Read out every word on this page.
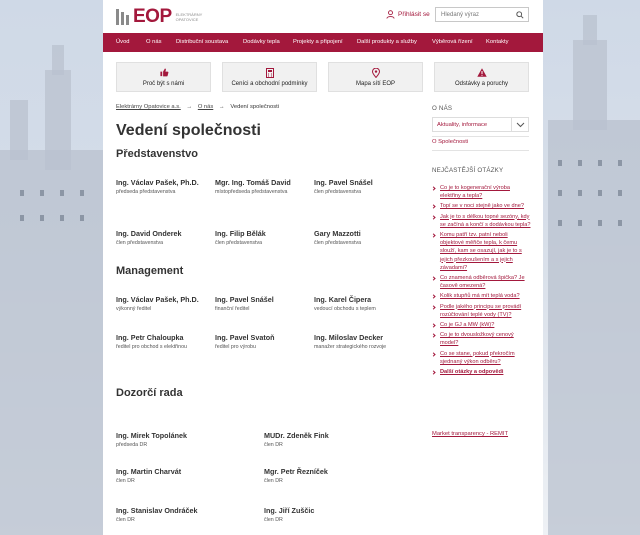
EOP ELEKTRÁRNY OPATOVICE
Přihlásit se	Hledaný výraz
Úvod	O nás	Distribuční soustava	Dodávky tepla Projekty a připojení Další produkty a služby	Výběrová řízení Kontakty
Proč být s námi	Ceníci a obchodní podmínky	Mapa sítí EOP	Odstávky a poruchy
Elektrárny Opatovice a.s. → O nás → Vedení společnosti
Vedení společnosti
Představenstvo
Management
Dozorčí rada
Ing. Václav Pašek, Ph.D.
předseda představenstva
Mgr. Ing. Tomáš David
místopředseda představenstva
Ing. Pavel Snášel
člen představenstva
Ing. David Onderek
člen představenstva
Ing. Filip Bělák
člen představenstva
Gary Mazzotti
člen představenstva
Ing. Václav Pašek, Ph.D.
výkonný ředitel
Ing. Pavel Snášel
finanční ředitel
Ing. Karel Čipera
vedoucí obchodu s teplem
Ing. Petr Chaloupka
ředitel pro obchod s elektřinou
Ing. Pavel Svatoň
ředitel pro výrobu
Ing. Miloslav Decker
manažer strategického rozvoje
Ing. Mirek Topolánek
předseda DR
MUDr. Zdeněk Fink
člen DR
Ing. Martin Charvát
člen DR
Mgr. Petr Řezníček
člen DR
Ing. Stanislav Ondráček
člen DR
Ing. Jiří Zuščic
člen DR
O NÁS
Aktuality, informace
O Společnosti
NEJČASTĚJŠÍ OTÁZKY
Co je to kogenerační výroba elektřiny a tepla?
Topí se v noci stejně jako ve dne?
Jak je to s délkou topné sezóny, kdy se začíná a končí s dodávkou tepla?
Komu patří tzv. patní neboli objektové měřiče tepla, k čemu slouží, kam se osazují, jak je to s jejich přezkoušením a s jejich závadami?
Co znamená odběrová špička? Je časově omezená?
Kolik stupňů má mít teplá voda?
Podle jakého principu se provádí rozúčtování teplé vody (TV)?
Co je GJ a MW (kW)?
Co je to dvousložkový cenový model?
Co se stane, pokud překročím sjednaný výkon odběru?
Další otázky a odpovědi
Market transparency - REMIT
